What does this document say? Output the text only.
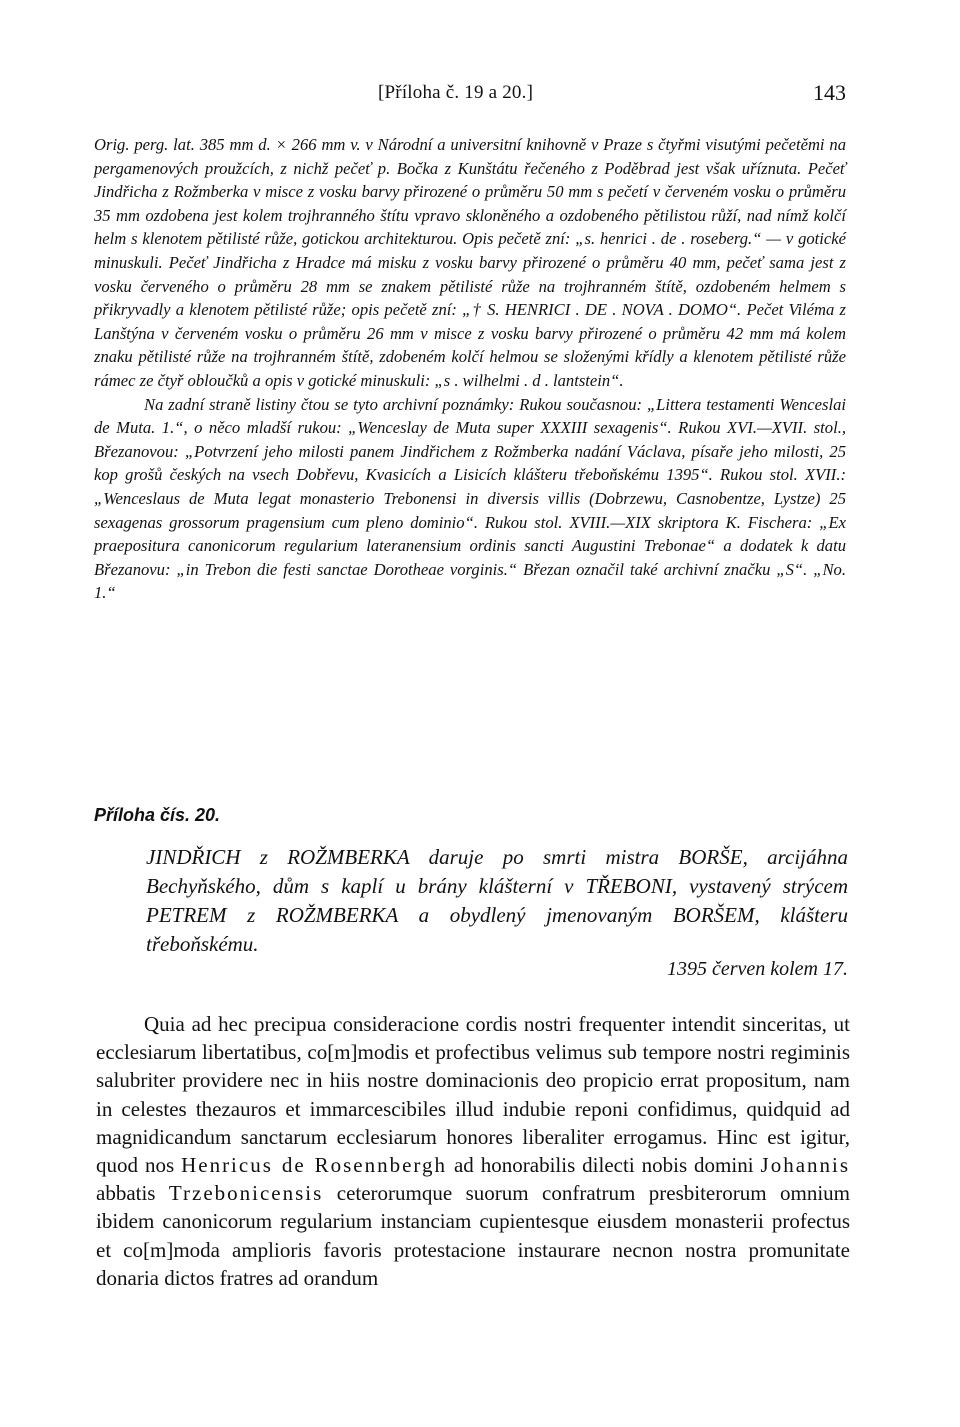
[Příloha č. 19 a 20.]	143

Orig. perg. lat. 385 mm d. × 266 mm v. v Národní a universitní knihovně v Praze s čtyřmi visutými pečetěmi na pergamenových proužcích, z nichž pečeť p. Bočka z Kunštátu řečeného z Poděbrad jest však uříznuta. Pečeť Jindřicha z Rožmberka v misce z vosku barvy přirozené o průměru 50 mm s pečetí v červeném vosku o průměru 35 mm ozdobena jest kolem trojhranného štítu vpravo skloněného a ozdobeného pětilistou růží, nad nímž kolčí helm s klenotem pětilisté růže, gotickou architekturou. Opis pečetě zní: „s. henrici . de . roseberg.“ — v gotické minuskuli. Pečeť Jindřicha z Hradce má misku z vosku barvy přirozené o průměru 40 mm, pečeť sama jest z vosku červeného o průměru 28 mm se znakem pětilisté růže na trojhranném štítě, ozdobeném helmem s přikryvadly a klenotem pětilisté růže; opis pečetě zní: „† S. HENRICI . DE . NOVA . DOMO“. Pečet Viléma z Lanštýna v červeném vosku o průměru 26 mm v misce z vosku barvy přirozené o průměru 42 mm má kolem znaku pětilisté růže na trojhranném štítě, zdobeném kolčí helmou se složenými křídly a klenotem pětilisté růže rámec ze čtyř obloučků a opis v gotické minuskuli: „s . wilhelmi . d . lantstein“.

Na zadní straně listiny čtou se tyto archivní poznámky: Rukou současnou: „Littera testamenti Wenceslai de Muta. 1.“, o něco mladší rukou: „Wenceslay de Muta super XXXIII sexagenis“. Rukou XVI.—XVII. stol., Březanovou: „Potvrzení jeho milosti panem Jindřichem z Rožmberka nadání Václava, písaře jeho milosti, 25 kop grošů českých na vsech Dobřevu, Kvasicích a Lisicích klášteru třeboňskému 1395“. Rukou stol. XVII.: „Wenceslaus de Muta legat monasterio Trebonensi in diversis villis (Dobrzewu, Casnobentze, Lystze) 25 sexagenas grossorum pragensium cum pleno dominio“. Rukou stol. XVIII.—XIX skriptora K. Fischera: „Ex praepositura canonicorum regularium lateranensium ordinis sancti Augustini Trebonae“ a dodatek k datu Březanovu: „in Trebon die festi sanctae Dorotheae vorginis.“ Březan označil také archivní značku „S“. „No. 1.“

Příloha čís. 20.

JINDŘICH z ROŽMBERKA daruje po smrti mistra BORŠE, arcijáhna Bechyňského, dům s kaplí u brány klášterní v TŘEBONI, vystavený strýcem PETREM z ROŽMBERKA a obydlený jmenovaným BORŠEM, klášteru třeboňskému.

1395 červen kolem 17.

Quia ad hec precipua consideracione cordis nostri frequenter intendit sinceritas, ut ecclesiarum libertatibus, co[m]modis et profectibus velimus sub tempore nostri regiminis salubriter providere nec in hiis nostre dominacionis deo propicio errat propositum, nam in celestes thezauros et immarcescibiles illud indubie reponi confidimus, quidquid ad magnidicandum sanctarum ecclesiarum honores liberaliter errogamus. Hinc est igitur, quod nos Henricus de Rosennbergh ad honorabilis dilecti nobis domini Johannis abbatis Trzebonicensis ceterorumque suorum confratrum presbiterorum omnium ibidem canonicorum regularium instanciam cupientesque eiusdem monasterii profectus et co[m]moda amplioris favoris protestacione instaurare necnon nostra promunitate donaria dictos fratres ad orandum
